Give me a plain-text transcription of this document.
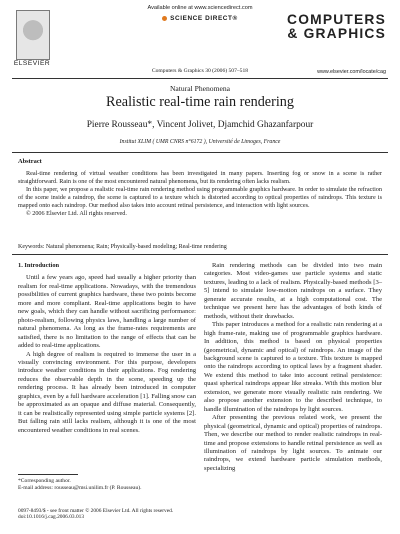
Available online at www.sciencedirect.com
SCIENCE DIRECT®
ELSEVIER
Computers & Graphics 30 (2006) 507–518
COMPUTERS
& GRAPHICS
www.elsevier.com/locate/cag
Natural Phenomena
Realistic real-time rain rendering
Pierre Rousseau*, Vincent Jolivet, Djamchid Ghazanfarpour
Institut XLIM ( UMR CNRS n°6172 ), Université de Limoges, France
Abstract

Real-time rendering of virtual weather conditions has been investigated in many papers. Inserting fog or snow in a scene is rather straightforward. Rain is one of the most encountered natural phenomena, but its rendering often lacks realism.

In this paper, we propose a realistic real-time rain rendering method using programmable graphics hardware. In order to simulate the refraction of the scene inside a raindrop, the scene is captured to a texture which is distorted according to optical properties of raindrops. This texture is mapped onto each raindrop. Our method also takes into account retinal persistence, and interaction with light sources.

© 2006 Elsevier Ltd. All rights reserved.

Keywords: Natural phenomena; Rain; Physically-based modeling; Real-time rendering
1. Introduction

Until a few years ago, speed had usually a higher priority than realism for real-time applications. Nowadays, with the tremendous possibilities of current graphics hardware, these two points become more and more compliant. Real-time applications begin to have new goals, which they can handle without sacrificing performance: photo-realism, following physics laws, handling a large number of natural phenomena. As long as the frame-rates requirements are satisfied, there is no limitation to the range of effects that can be added to real-time applications.

A high degree of realism is required to immerse the user in a visually convincing environment. For this purpose, developers introduce weather conditions in their applications. Fog rendering reduces the observable depth in the scene, speeding up the rendering process. It has already been introduced in computer graphics, even by a full hardware acceleration [1]. Falling snow can be approximated as an opaque and diffuse material. Consequently, it can be realistically represented using simple particle systems [2]. But falling rain still lacks realism, although it is one of the most encountered weather conditions in real scenes.

Rain rendering methods can be divided into two main categories. Most video-games use particle systems and static textures, leading to a lack of realism. Physically-based methods [3–5] intend to simulate low-motion raindrops on a surface. They generate accurate results, at a high computational cost. The technique we present here has the advantages of both kinds of methods, without their drawbacks.

This paper introduces a method for a realistic rain rendering at a high frame-rate, making use of programmable graphics hardware. In addition, this method is based on physical properties (geometrical, dynamic and optical) of raindrops. An image of the background scene is captured to a texture. This texture is mapped onto the raindrops according to optical laws by a fragment shader. We extend this method to take into account retinal persistence: quasi spherical raindrops appear like streaks. With this motion blur extension, we generate more visually realistic rain rendering. We also propose another extension to the described technique, to handle illumination of the raindrops by light sources.

After presenting the previous related work, we present the physical (geometrical, dynamic and optical) properties of raindrops. Then, we describe our method to render realistic raindrops in real-time and propose extensions to handle retinal persistence as well as illumination of raindrops by light sources. To animate our raindrops, we extend hardware particle simulation methods, specializing

*Corresponding author.

E-mail address: rousseau@msi.unilim.fr (P. Rousseau).

0097-8493/$ - see front matter © 2006 Elsevier Ltd. All rights reserved.
doi:10.1016/j.cag.2006.03.013
